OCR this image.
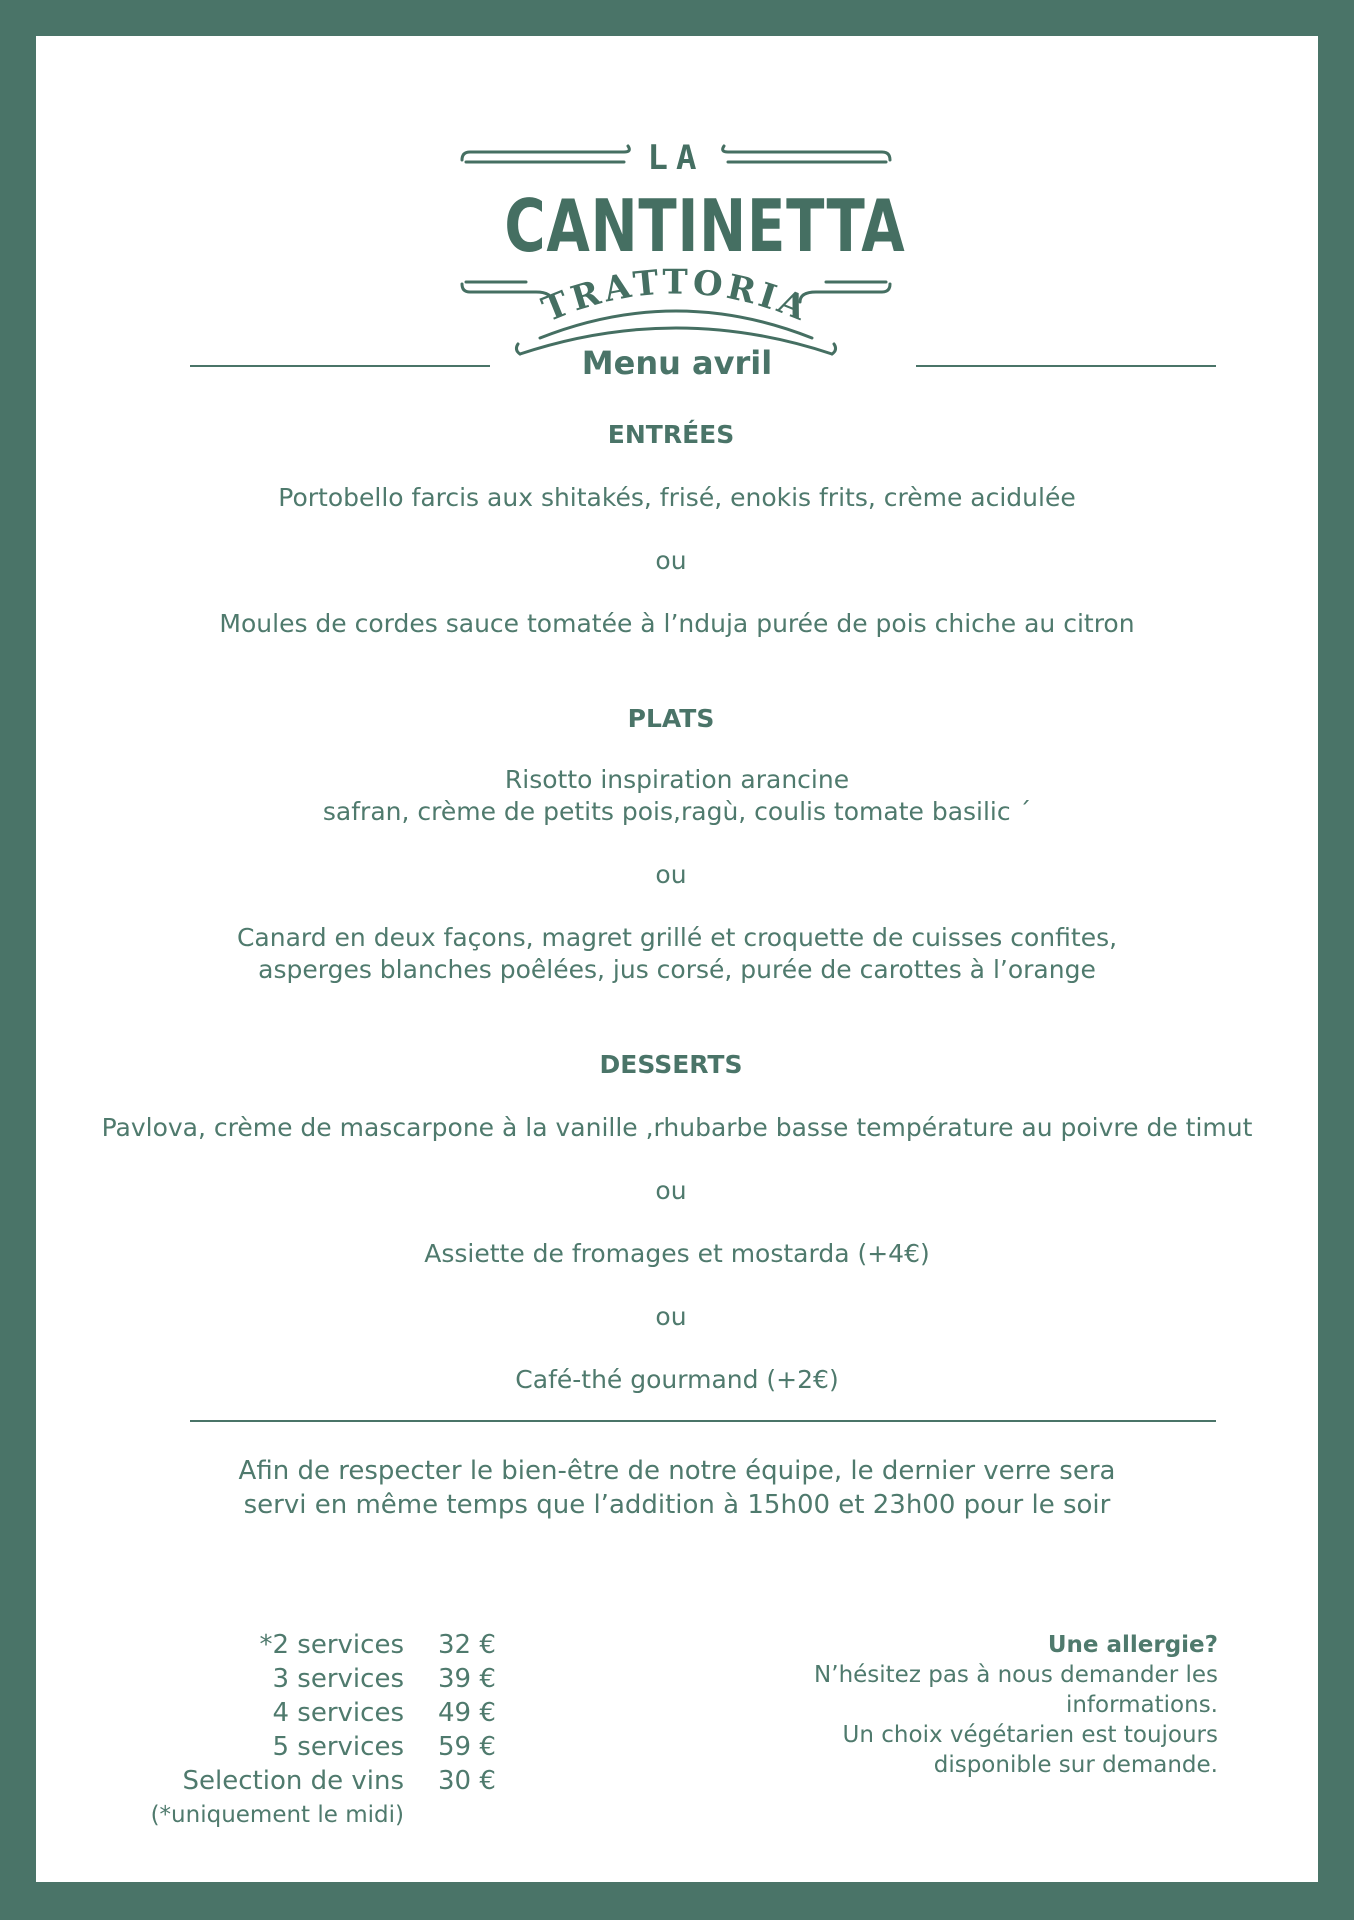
TRATTORIA
LA
CANTINETTA
Menu avril
ENTRÉES
Portobello farcis aux shitakés, frisé, enokis frits, crème acidulée
ou
Moules de cordes sauce tomatée à l’nduja purée de pois chiche au citron
PLATS
Risotto inspiration arancine
safran, crème de petits pois,ragù, coulis tomate basilic ´
ou
Canard en deux façons, magret grillé et croquette de cuisses confites,
asperges blanches poêlées, jus corsé, purée de carottes à l’orange
DESSERTS
Pavlova, crème de mascarpone à la vanille ,rhubarbe basse température au poivre de timut
ou
Assiette de fromages et mostarda (+4€)
ou
Café-thé gourmand (+2€)
Afin de respecter le bien-être de notre équipe, le dernier verre sera
servi en même temps que l’addition à 15h00 et 23h00 pour le soir
*2 services
3 services
4 services
5 services
Selection de vins
(*uniquement le midi)
32 €
39 €
49 €
59 €
30 €
Une allergie?
N’hésitez pas à nous demander les
informations.
Un choix végétarien est toujours
disponible sur demande.
